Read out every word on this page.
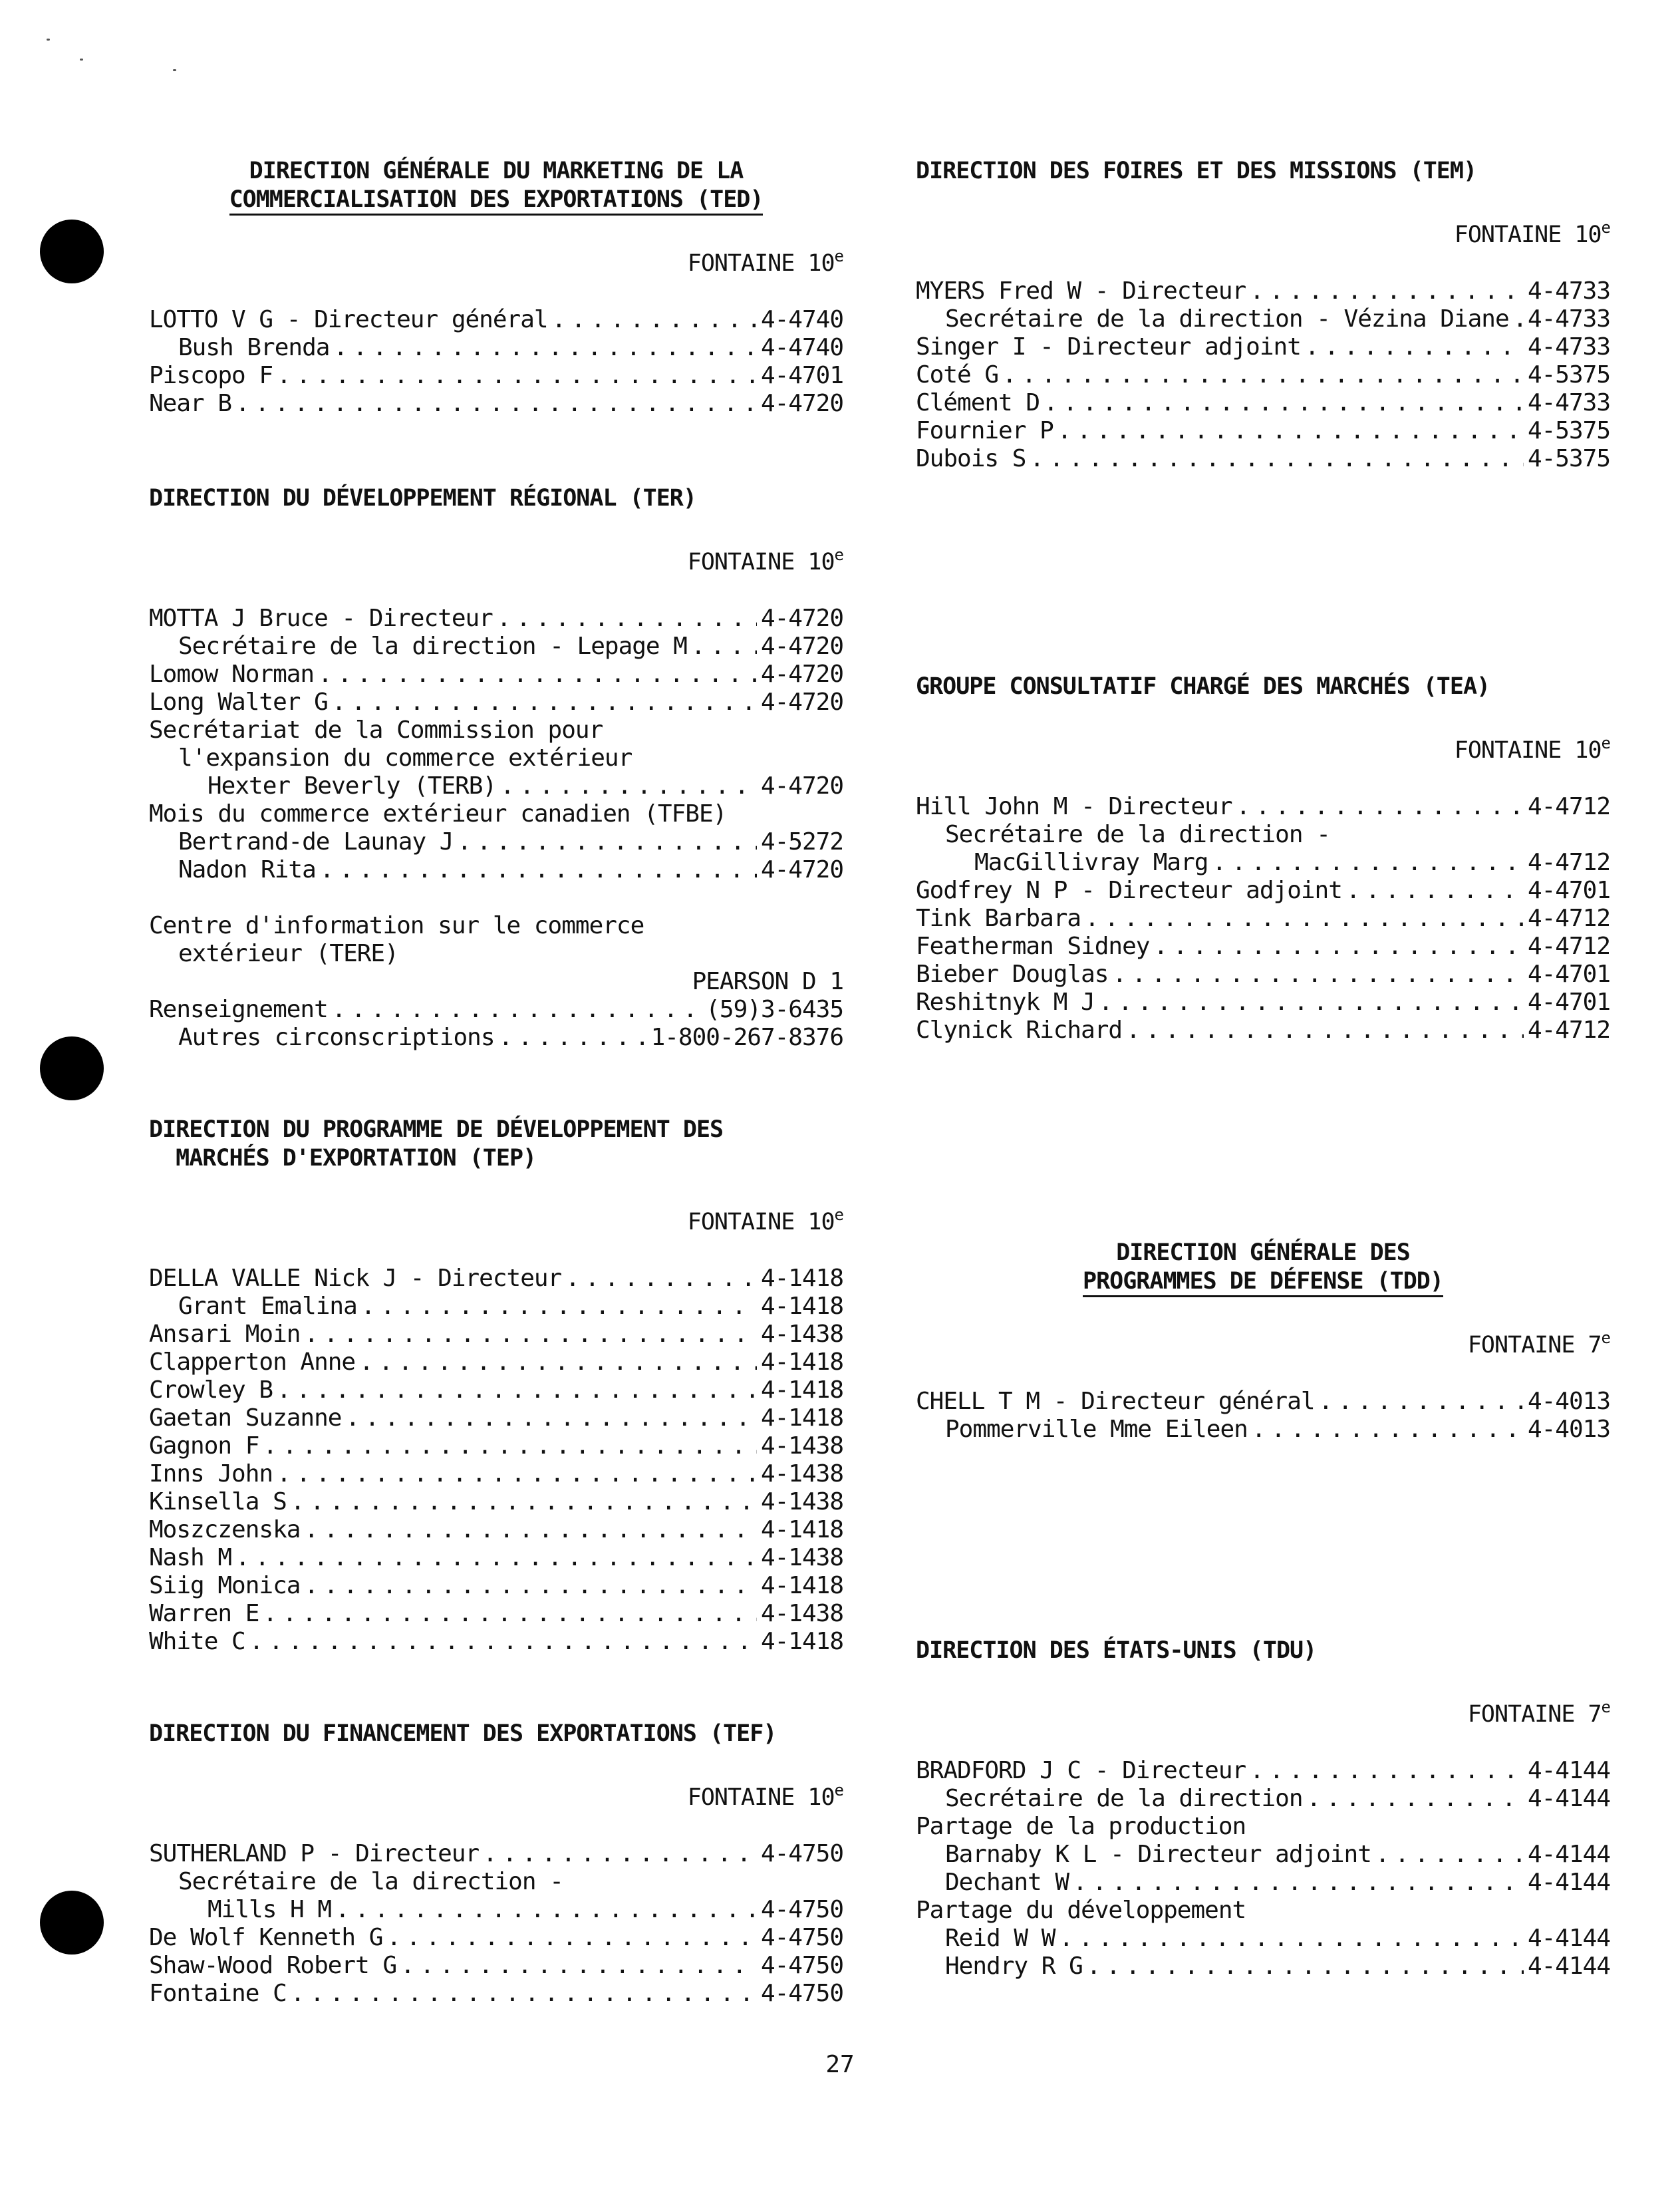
DIRECTION GÉNÉRALE DU MARKETING DE LA
COMMERCIALISATION DES EXPORTATIONS (TED)
FONTAINE 10e
LOTTO V G - Directeur général . . .	4-4740
Bush Brenda . . .	4-4740
Piscopo F . . .	4-4701
Near B . . .	4-4720
DIRECTION DU DÉVELOPPEMENT RÉGIONAL (TER)
FONTAINE 10e
MOTTA J Bruce - Directeur . . .	4-4720
Secrétaire de la direction - Lepage M . . .	4-4720
Lomow Norman . . .	4-4720
Long Walter G . . .	4-4720
Secrétariat de la Commission pour
l'expansion du commerce extérieur
Hexter Beverly (TERB) . . .	4-4720
Mois du commerce extérieur canadien (TFBE)
Bertrand-de Launay J . . .	4-5272
Nadon Rita . . .	4-4720
Centre d'information sur le commerce
extérieur (TERE)
PEARSON D 1
Renseignement . . .	(59)3-6435
Autres circonscriptions . . .	1-800-267-8376
DIRECTION DU PROGRAMME DE DÉVELOPPEMENT DES
MARCHÉS D'EXPORTATION (TEP)
FONTAINE 10e
DELLA VALLE Nick J - Directeur . . .	4-1418
Grant Emalina . . .	4-1418
Ansari Moin . . .	4-1438
Clapperton Anne . . .	4-1418
Crowley B . . .	4-1418
Gaetan Suzanne . . .	4-1418
Gagnon F . . .	4-1438
Inns John . . .	4-1438
Kinsella S . . .	4-1438
Moszczenska . . .	4-1418
Nash M . . .	4-1438
Siig Monica . . .	4-1418
Warren E . . .	4-1438
White C . . .	4-1418
DIRECTION DU FINANCEMENT DES EXPORTATIONS (TEF)
FONTAINE 10e
SUTHERLAND P - Directeur . . .	4-4750
Secrétaire de la direction -
Mills H M . . .	4-4750
De Wolf Kenneth G . . .	4-4750
Shaw-Wood Robert G . . .	4-4750
Fontaine C . . .	4-4750
DIRECTION DES FOIRES ET DES MISSIONS (TEM)
FONTAINE 10e
MYERS Fred W - Directeur . . .	4-4733
Secrétaire de la direction - Vézina Diane . . . 4-4733
Singer I - Directeur adjoint . . .	4-4733
Coté G . . .	4-5375
Clément D . . .	4-4733
Fournier P . . .	4-5375
Dubois S . . .	4-5375
GROUPE CONSULTATIF CHARGÉ DES MARCHÉS (TEA)
FONTAINE 10e
Hill John M - Directeur . . .	4-4712
Secrétaire de la direction -
MacGillivray Marg . . .	4-4712
Godfrey N P - Directeur adjoint . . .	4-4701
Tink Barbara . . .	4-4712
Featherman Sidney . . .	4-4712
Bieber Douglas . . .	4-4701
Reshitnyk M J . . .	4-4701
Clynick Richard . . .	4-4712
DIRECTION GÉNÉRALE DES
PROGRAMMES DE DÉFENSE (TDD)
FONTAINE 7e
CHELL T M - Directeur général . . .	4-4013
Pommerville Mme Eileen . . .	4-4013
DIRECTION DES ÉTATS-UNIS (TDU)
FONTAINE 7e
BRADFORD J C - Directeur . . .	4-4144
Secrétaire de la direction . . .	4-4144
Partage de la production
Barnaby K L - Directeur adjoint . . .	4-4144
Dechant W . . .	4-4144
Partage du développement
Reid W W . . .	4-4144
Hendry R G . . .	4-4144
27
